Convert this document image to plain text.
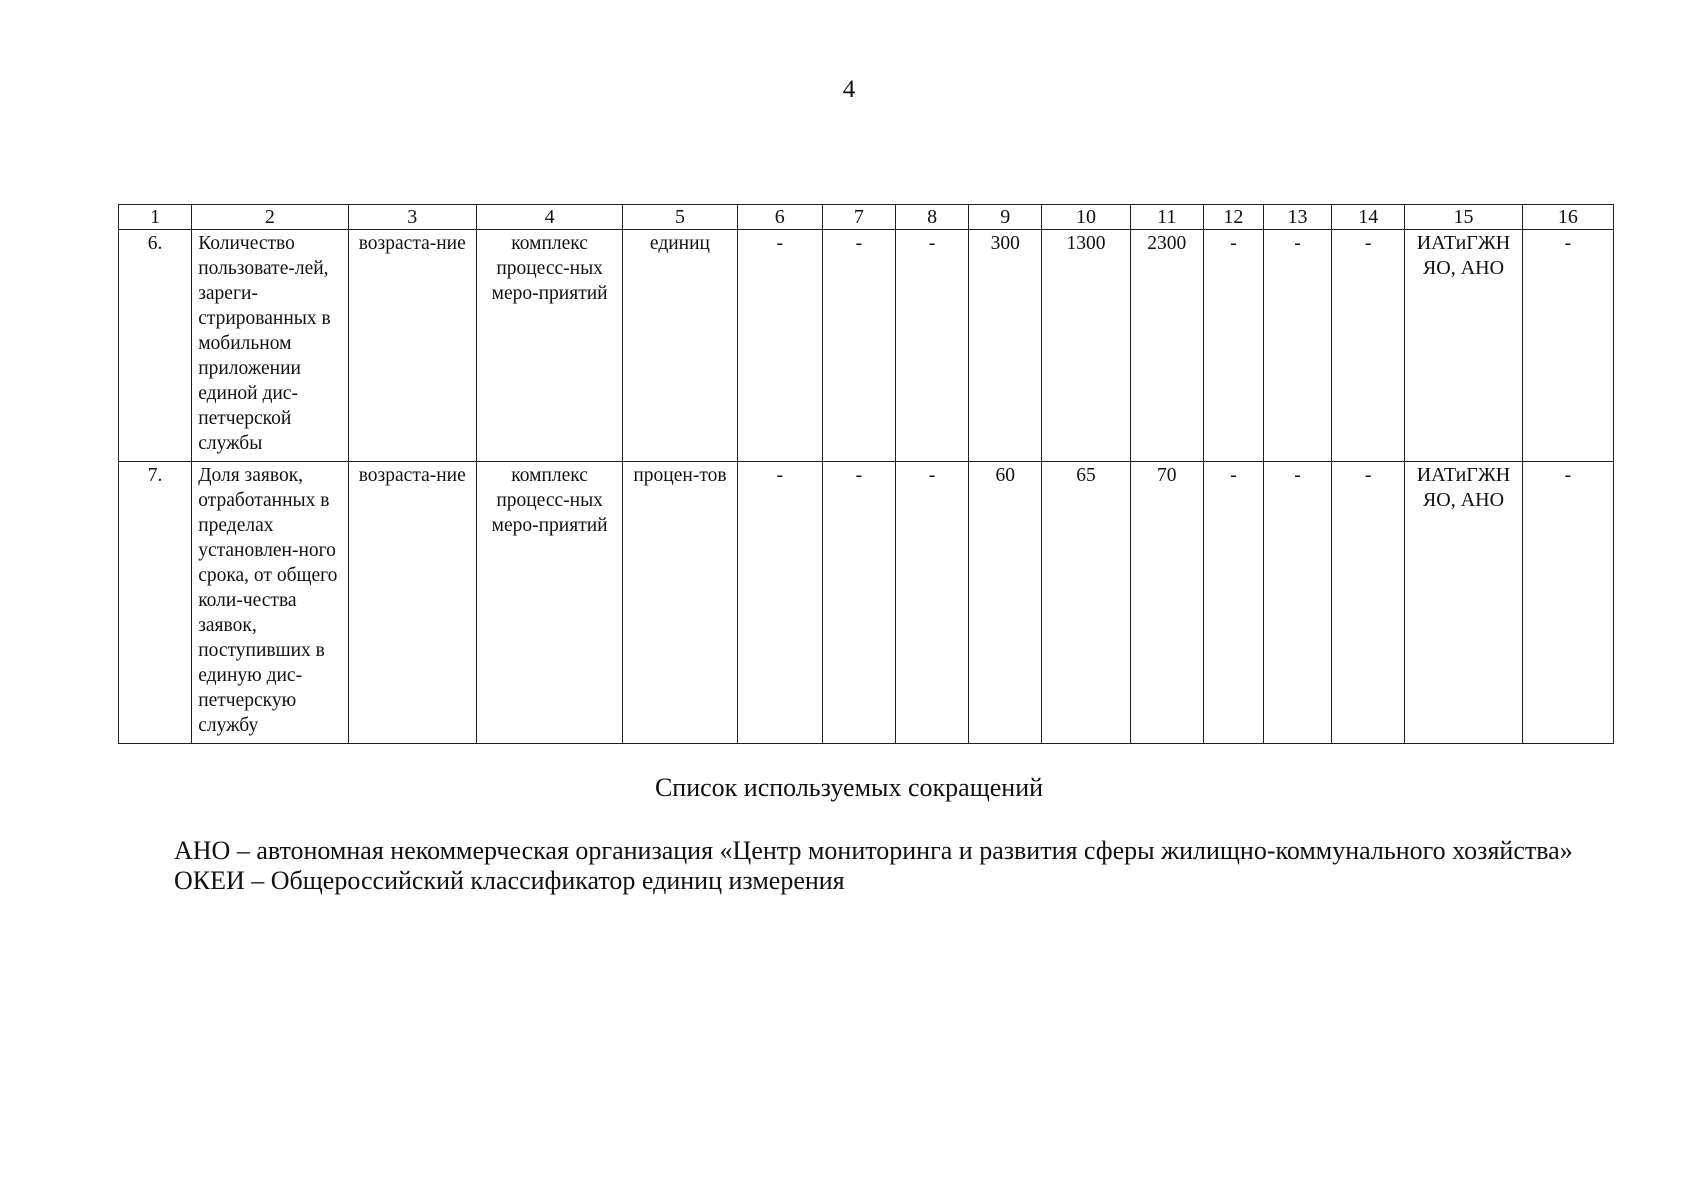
4
1	2	3	4	5	6	7	8	9	10	11	12	13	14	15	16
6.	Количество пользовате-лей, зареги-стрированных в мобильном приложении единой дис-петчерской службы	возраста-ние	комплекс процесс-ных меро-приятий	единиц	-	-	-	300	1300	2300	-	-	-	ИАТиГЖН ЯО, АНО	-
7.	Доля заявок, отработанных в пределах установлен-ного срока, от общего коли-чества заявок, поступивших в единую дис-петчерскую службу	возраста-ние	комплекс процесс-ных меро-приятий	процен-тов	-	-	-	60	65	70	-	-	-	ИАТиГЖН ЯО, АНО	-
Список используемых сокращений

АНО – автономная некоммерческая организация «Центр мониторинга и развития сферы жилищно-коммунального хозяйства»

ОКЕИ – Общероссийский классификатор единиц измерения
